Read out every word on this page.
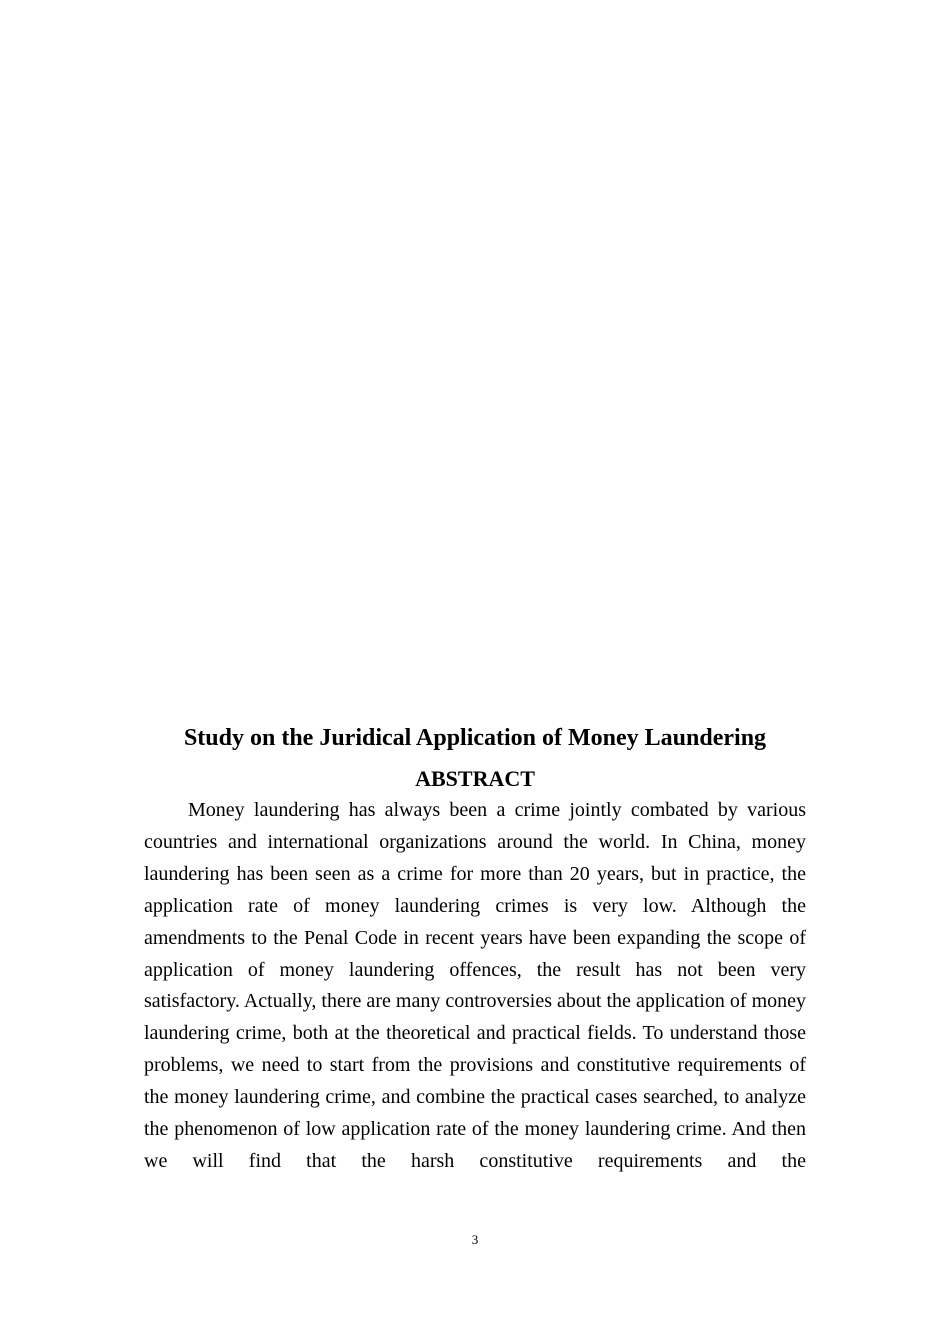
Study on the Juridical Application of Money Laundering
ABSTRACT

Money laundering has always been a crime jointly combated by various countries and international organizations around the world. In China, money laundering has been seen as a crime for more than 20 years, but in practice, the application rate of money laundering crimes is very low. Although the amendments to the Penal Code in recent years have been expanding the scope of application of money laundering offences, the result has not been very satisfactory. Actually, there are many controversies about the application of money laundering crime, both at the theoretical and practical fields. To understand those problems, we need to start from the provisions and constitutive requirements of the money laundering crime, and combine the practical cases searched, to analyze the phenomenon of low application rate of the money laundering crime. And then we will find that the harsh constitutive requirements and the

3
